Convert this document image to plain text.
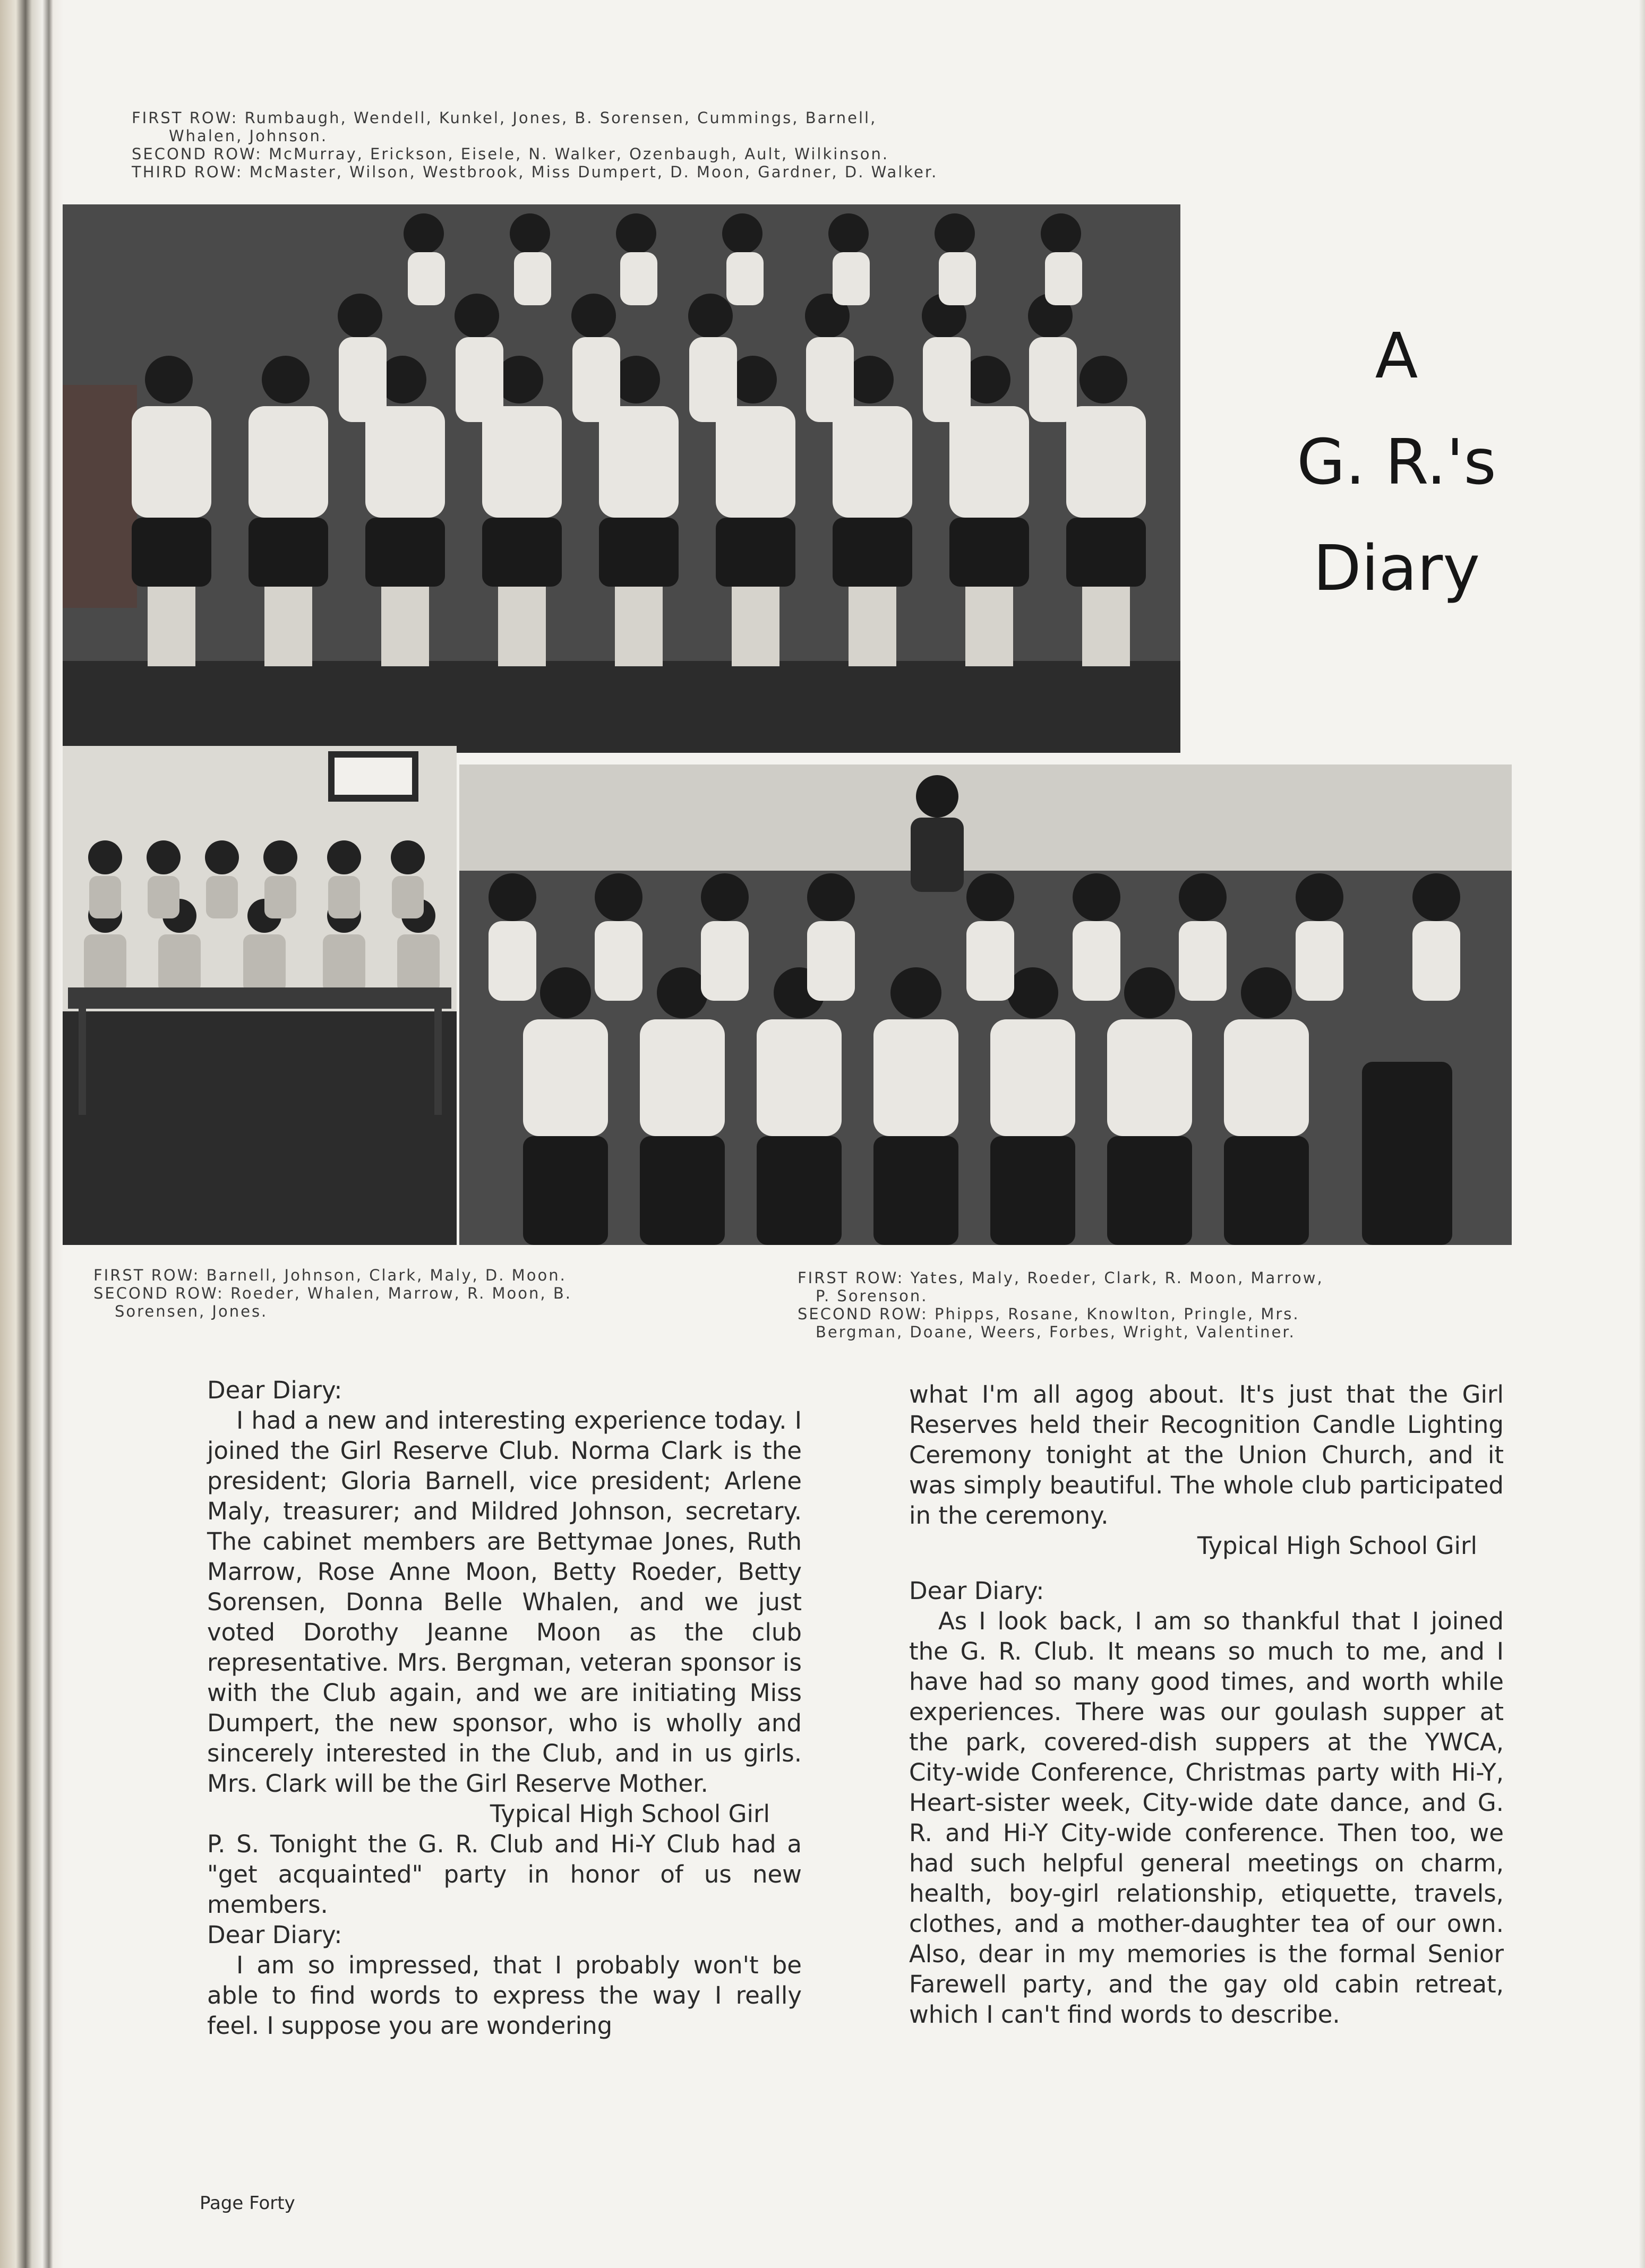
FIRST ROW: Rumbaugh, Wendell, Kunkel, Jones, B. Sorensen, Cummings, Barnell,

Whalen, Johnson.

SECOND ROW: McMurray, Erickson, Eisele, N. Walker, Ozenbaugh, Ault, Wilkinson.

THIRD ROW: McMaster, Wilson, Westbrook, Miss Dumpert, D. Moon, Gardner, D. Walker.

A
G. R.'s
Diary

FIRST ROW: Barnell, Johnson, Clark, Maly, D. Moon.

SECOND ROW: Roeder, Whalen, Marrow, R. Moon, B.

Sorensen, Jones.

FIRST ROW: Yates, Maly, Roeder, Clark, R. Moon, Marrow,

P. Sorenson.

SECOND ROW: Phipps, Rosane, Knowlton, Pringle, Mrs.

Bergman, Doane, Weers, Forbes, Wright, Valentiner.

Dear Diary:

I had a new and interesting experience today. I joined the Girl Reserve Club. Norma Clark is the president; Gloria Barnell, vice president; Arlene Maly, treasurer; and Mildred Johnson, secretary. The cabinet members are Bettymae Jones, Ruth Marrow, Rose Anne Moon, Betty Roeder, Betty Sorensen, Donna Belle Whalen, and we just voted Dorothy Jeanne Moon as the club representative. Mrs. Bergman, veteran sponsor is with the Club again, and we are initiating Miss Dumpert, the new sponsor, who is wholly and sincerely interested in the Club, and in us girls. Mrs. Clark will be the Girl Reserve Mother.

Typical High School Girl

P. S. Tonight the G. R. Club and Hi-Y Club had a "get acquainted" party in honor of us new members.

Dear Diary:

I am so impressed, that I probably won't be able to find words to express the way I really feel. I suppose you are wondering

what I'm all agog about. It's just that the Girl Reserves held their Recognition Candle Lighting Ceremony tonight at the Union Church, and it was simply beautiful. The whole club participated in the ceremony.

Typical High School Girl

Dear Diary:

As I look back, I am so thankful that I joined the G. R. Club. It means so much to me, and I have had so many good times, and worth while experiences. There was our goulash supper at the park, covered-dish suppers at the YWCA, City-wide Conference, Christmas party with Hi-Y, Heart-sister week, City-wide date dance, and G. R. and Hi-Y City-wide conference. Then too, we had such helpful general meetings on charm, health, boy-girl relationship, etiquette, travels, clothes, and a mother-daughter tea of our own. Also, dear in my memories is the formal Senior Farewell party, and the gay old cabin retreat, which I can't find words to describe.

Page Forty
